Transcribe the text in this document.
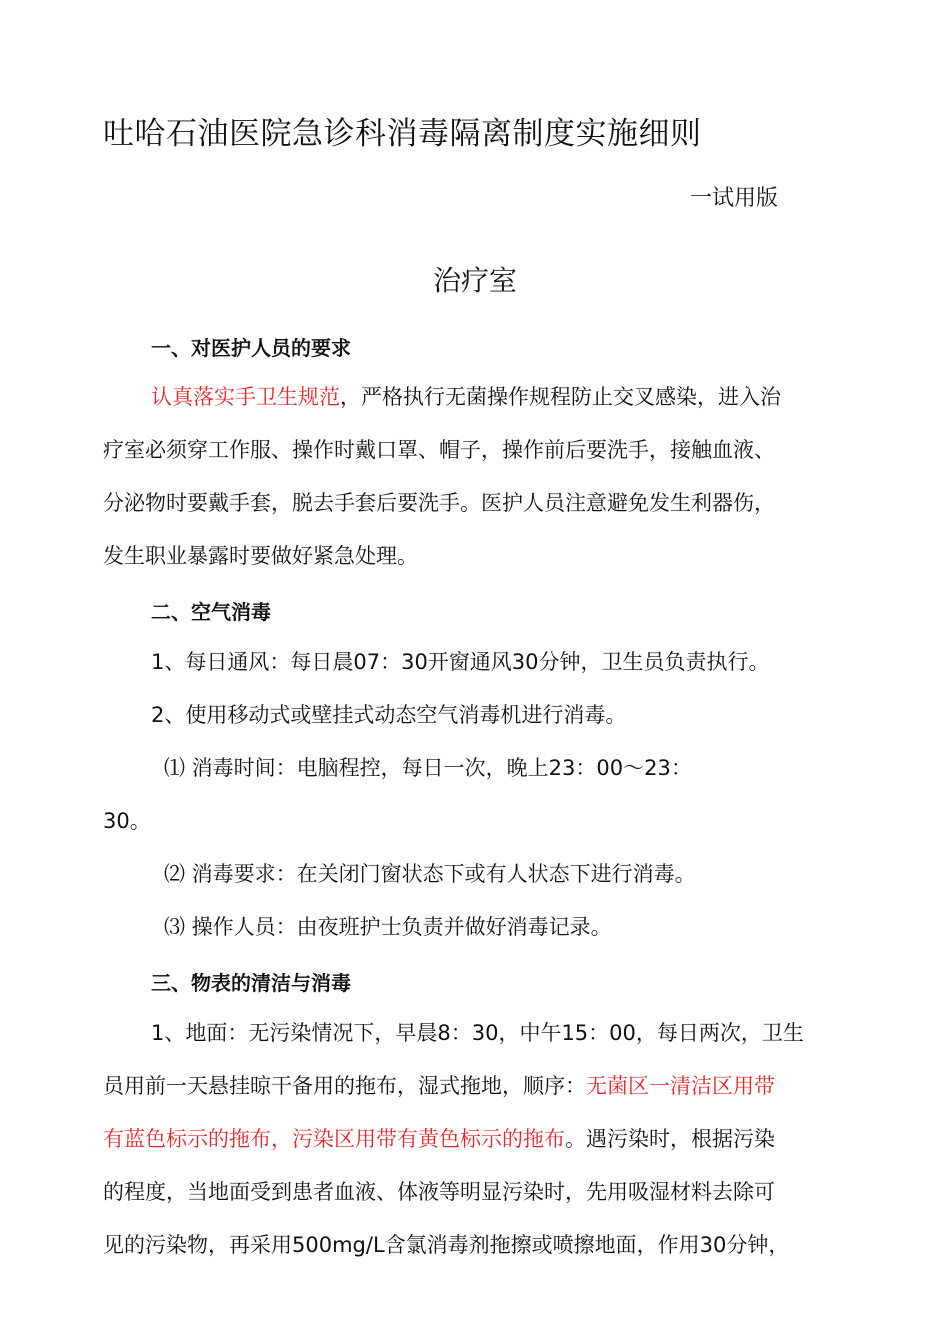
吐哈石油医院急诊科消毒隔离制度实施细则
一试用版
治疗室
一、对医护人员的要求
认真落实手卫生规范，严格执行无菌操作规程防止交叉感染，进入治
疗室必须穿工作服、操作时戴口罩、帽子，操作前后要洗手，接触血液、
分泌物时要戴手套，脱去手套后要洗手。医护人员注意避免发生利器伤，
发生职业暴露时要做好紧急处理。
二、空气消毒
1、每日通风：每日晨07：30开窗通风30分钟，卫生员负责执行。
2、使用移动式或壁挂式动态空气消毒机进行消毒。
⑴ 消毒时间：电脑程控，每日一次，晚上23：00〜23：
30。
⑵ 消毒要求：在关闭门窗状态下或有人状态下进行消毒。
⑶ 操作人员：由夜班护士负责并做好消毒记录。
三、物表的清洁与消毒
1、地面：无污染情况下，早晨8：30，中午15：00，每日两次，卫生
员用前一天悬挂晾干备用的拖布，湿式拖地，顺序：无菌区一清洁区用带
有蓝色标示的拖布，污染区用带有黄色标示的拖布。遇污染时，根据污染
的程度，当地面受到患者血液、体液等明显污染时，先用吸湿材料去除可
见的污染物，再采用500mg/L含氯消毒剂拖擦或喷擦地面，作用30分钟，
